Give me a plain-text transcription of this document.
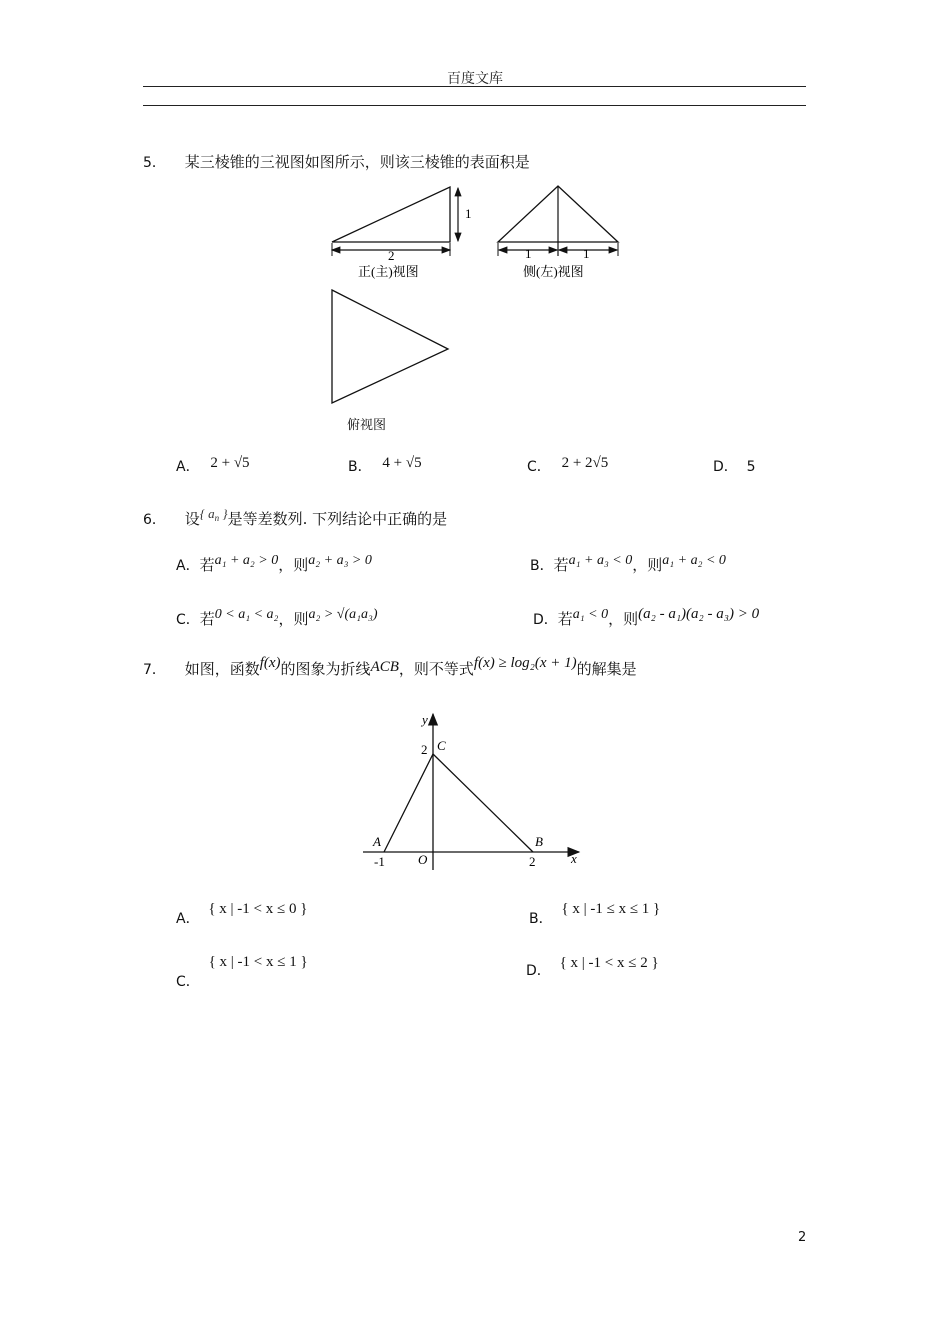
百度文库
5． 某三棱锥的三视图如图所示，则该三棱锥的表面积是
1
2
正(主)视图
1	1
侧(左)视图
俯视图
A． 2 + √5	B． 4 + √5	C． 2 + 2√5	D． 5
6． 设{ $a_n$ }是等差数列. 下列结论中正确的是
A．若a₁ + a₂ > 0，则a₂ + a₃ > 0	B．若a₁ + a₃ < 0，则a₁ + a₂ < 0
C．若0 < a₁ < a₂，则a₂ > √(a₁a₃)	D．若a₁ < 0，则(a₂ - a₁)(a₂ - a₃) > 0
7． 如图，函数f(x)的图象为折线ACB，则不等式f(x) ≥ log₂(x + 1)的解集是
y
x
2 C
A	B
-1	O	2
A． { x | -1 < x ≤ 0 }
B． { x | -1 ≤ x ≤ 1 }
C． { x | -1 < x ≤ 1 }
D． { x | -1 < x ≤ 2 }
2
